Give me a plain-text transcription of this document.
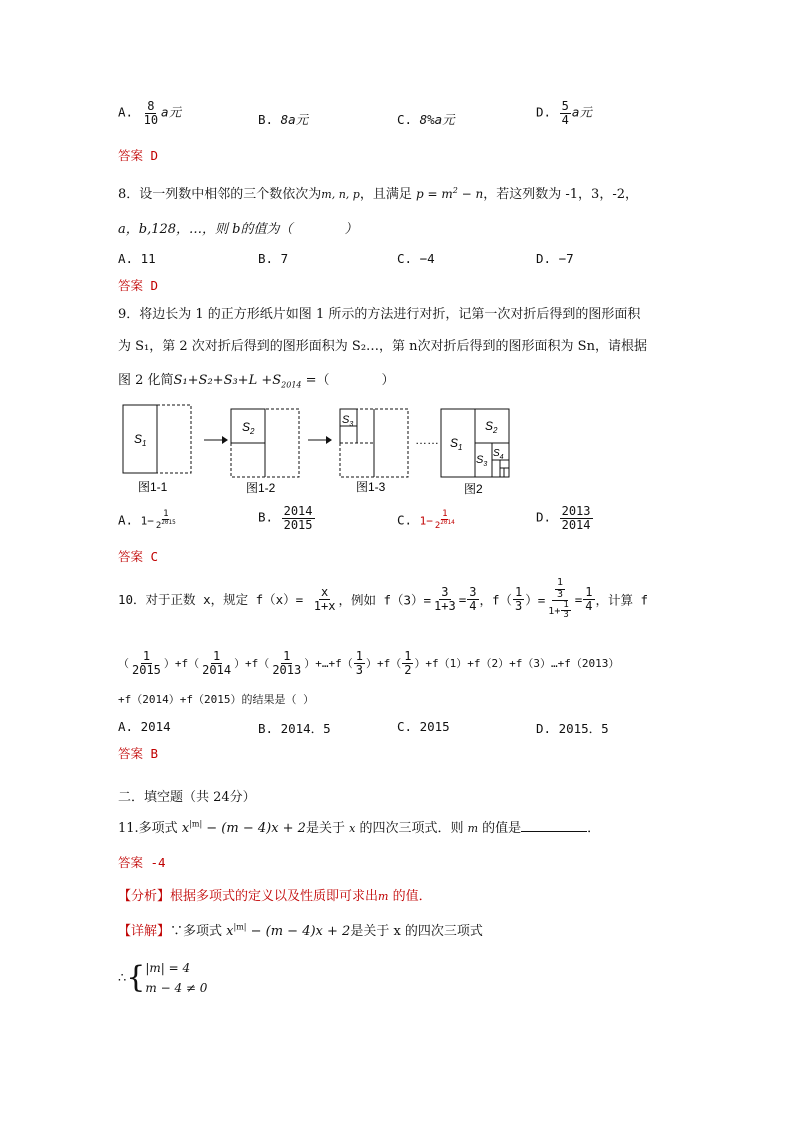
A. $\frac{8}{10}$ a元	B. 8a元	C. 8%a元	D. $\frac{5}{4}$ a元
答案 D
8．设一列数中相邻的三个数依次为m, n, p，且满足 $p = m^2 - n$，若这列数为 -1，3，-2，
a，b,128，…，则 b的值为（　　　　）
A. 11	B. 7	C. −4	D. −7
答案 D
9．将边长为 1 的正方形纸片如图 1 所示的方法进行对折，记第一次对折后得到的图形面积
为 S₁，第 2 次对折后得到的图形面积为 S₂…，第 n次对折后得到的图形面积为 Sn，请根据
图 2 化简$S_1+S_2+S_3+L +S_{2014}$ =（　　　　）
$S_1$
$S_2$
$S_3$
…… $S_1$
$S_2$
$S_3$
$S_4$
图1-1	图1-2	图1-3	图2
A. $1- \frac{1}{2^{2015}}$	B. $\frac{2014}{2015}$	C. $1- \frac{1}{2^{2014}}$	D. $\frac{2013}{2014}$
答案 C
10．对于正数 x，规定 $f(x)= \frac{x}{1+x}$ ，例如 $f(3)= \frac{3}{1+3} = \frac{3}{4}$ ，$f( \frac{1}{3}$ ）= $\frac{\frac{1}{3}}{1+ \frac{1}{3}} = \frac{1}{4}$ ，计算 f
（ $\frac{1}{2015} )+f( \frac{1}{2014} )+f( \frac{1}{2013}$ ）+…+f（ $\frac{1}{3} )+f( \frac{1}{2}$ ）+f（1）+f（2）+f（3）…+f（2013）
+f（2014）+f（2015）的结果是（ ）
A. 2014	B. 2014．5	C. 2015	D. 2015．5
答案 B
二．填空题（共 24分）
11.多项式 $x^{|m|} - (m - 4)x + 2$是关于 x 的四次三项式．则 m 的值是	．
答案 -4
【分析】根据多项式的定义以及性质即可求出m 的值．
【详解】∵多项式 $x^{|m|} - (m - 4)x + 2$是关于 x 的四次三项式
∴ { |m| = 4
m − 4 ≠ 0
